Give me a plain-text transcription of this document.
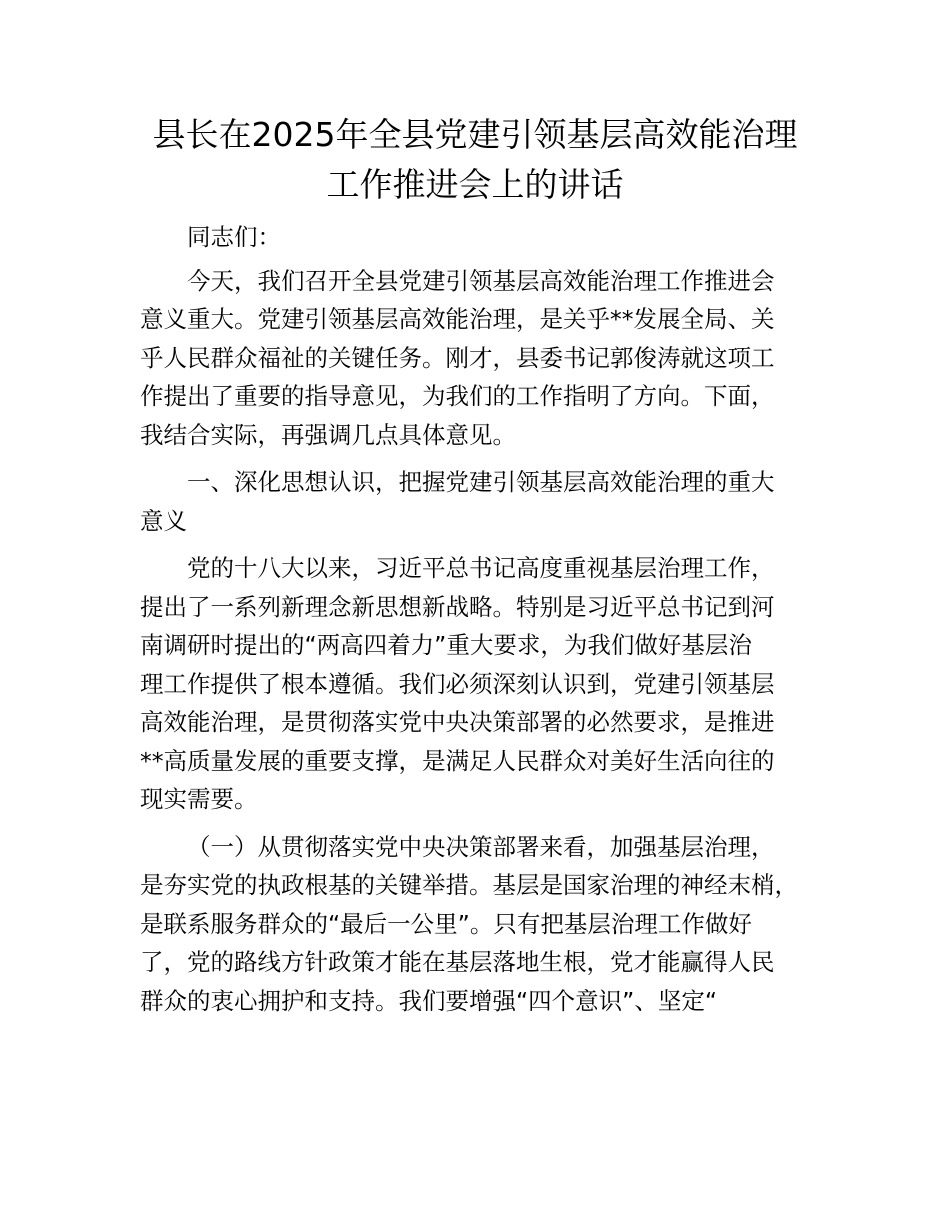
县长在2025年全县党建引领基层高效能治理
工作推进会上的讲话

同志们：

今天，我们召开全县党建引领基层高效能治理工作推进会
意义重大。党建引领基层高效能治理，是关乎**发展全局、关
乎人民群众福祉的关键任务。刚才，县委书记郭俊涛就这项工
作提出了重要的指导意见，为我们的工作指明了方向。下面，
我结合实际，再强调几点具体意见。

一、深化思想认识，把握党建引领基层高效能治理的重大
意义

党的十八大以来，习近平总书记高度重视基层治理工作，
提出了一系列新理念新思想新战略。特别是习近平总书记到河
南调研时提出的“两高四着力”重大要求，为我们做好基层治
理工作提供了根本遵循。我们必须深刻认识到，党建引领基层
高效能治理，是贯彻落实党中央决策部署的必然要求，是推进
**高质量发展的重要支撑，是满足人民群众对美好生活向往的
现实需要。

（一）从贯彻落实党中央决策部署来看，加强基层治理，
是夯实党的执政根基的关键举措。基层是国家治理的神经末梢，
是联系服务群众的“最后一公里”。只有把基层治理工作做好
了，党的路线方针政策才能在基层落地生根，党才能赢得人民
群众的衷心拥护和支持。我们要增强“四个意识”、坚定“
